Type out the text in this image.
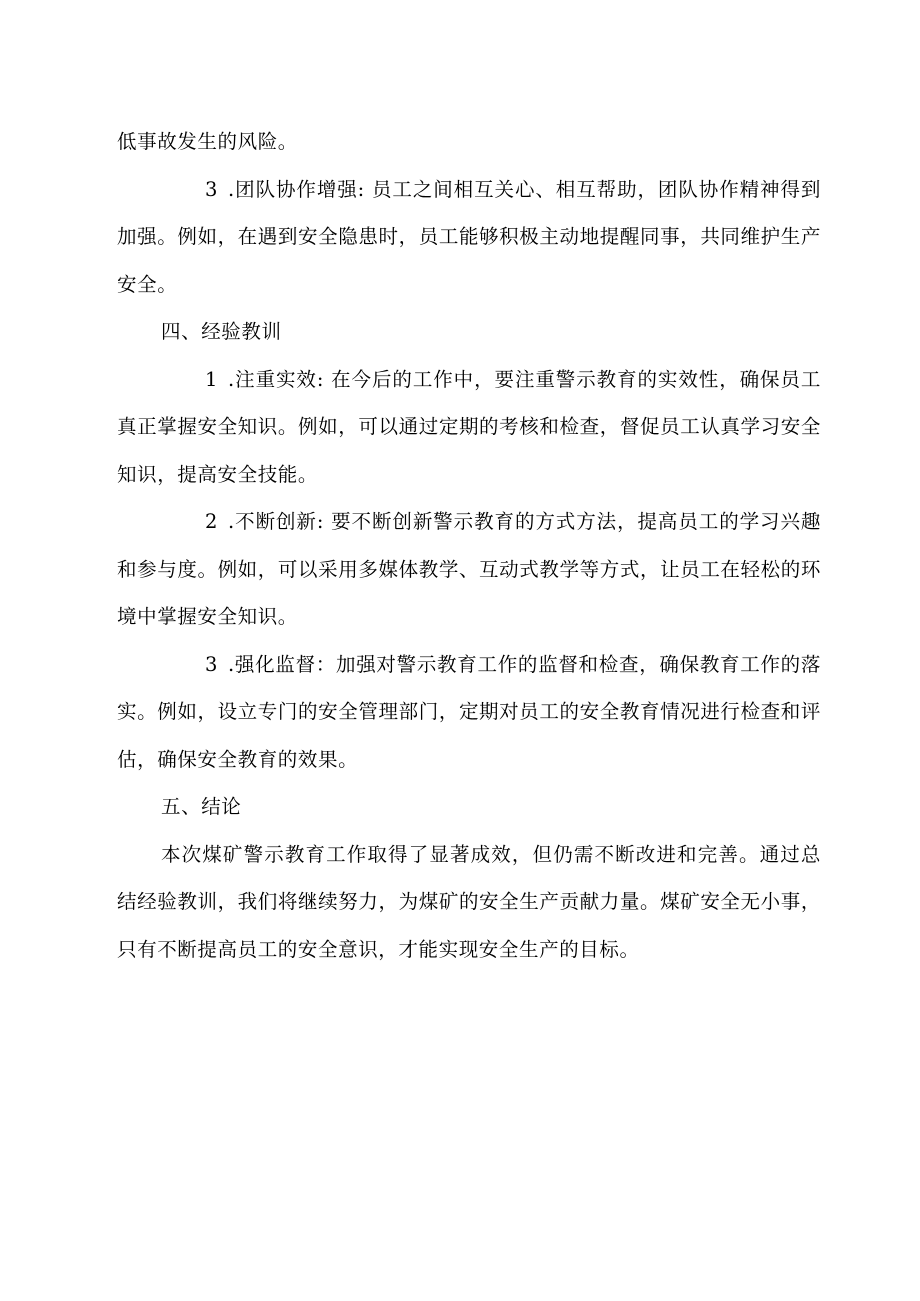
低事故发生的风险。

3 .团队协作增强: 员工之间相互关心、相互帮助，团队协作精神得到加强。例如，在遇到安全隐患时，员工能够积极主动地提醒同事，共同维护生产安全。

四、经验教训

1 .注重实效: 在今后的工作中，要注重警示教育的实效性，确保员工真正掌握安全知识。例如，可以通过定期的考核和检查，督促员工认真学习安全知识，提高安全技能。

2 .不断创新: 要不断创新警示教育的方式方法，提高员工的学习兴趣和参与度。例如，可以采用多媒体教学、互动式教学等方式，让员工在轻松的环境中掌握安全知识。

3 .强化监督：加强对警示教育工作的监督和检查，确保教育工作的落实。例如，设立专门的安全管理部门，定期对员工的安全教育情况进行检查和评估，确保安全教育的效果。

五、结论

本次煤矿警示教育工作取得了显著成效，但仍需不断改进和完善。通过总结经验教训，我们将继续努力，为煤矿的安全生产贡献力量。煤矿安全无小事，只有不断提高员工的安全意识，才能实现安全生产的目标。
